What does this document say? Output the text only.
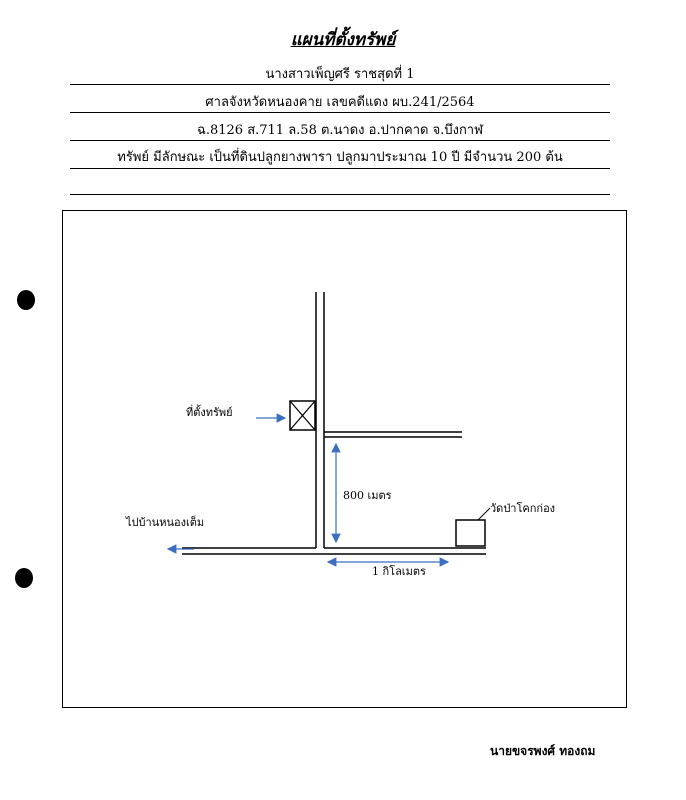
แผนที่ตั้งทรัพย์
นางสาวเพ็ญศรี ราชสุดที่ 1
ศาลจังหวัดหนองคาย เลขคดีแดง ผบ.241/2564
ฉ.8126 ส.711 ล.58 ต.นาดง อ.ปากคาด จ.บึงกาฬ
ทรัพย์ มีลักษณะ เป็นที่ดินปลูกยางพารา ปลูกมาประมาณ 10 ปี มีจำนวน 200 ต้น
ที่ตั้งทรัพย์
800 เมตร
1 กิโลเมตร
วัดป่าโคกก่อง
ไปบ้านหนองเต็ม
นายขจรพงศ์ ทองถม
